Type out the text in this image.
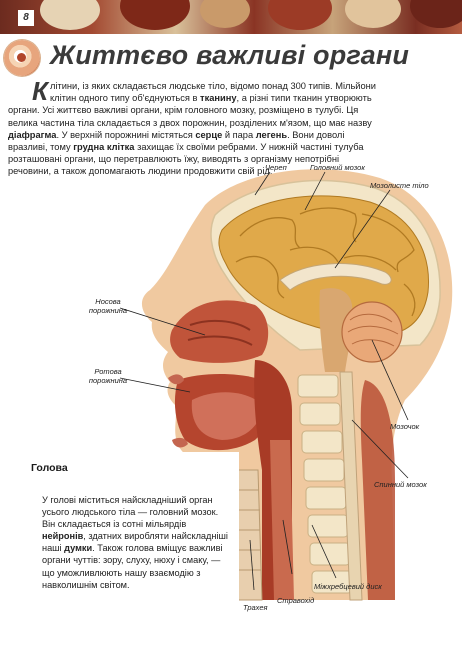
8
Життєво важливі органи

Клітини, із яких складається людське тіло, відомо понад 300 типів. Мільйони клітин одного типу об'єднуються в тканину, а різні типи тканин утворюють органи. Усі життєво важливі органи, крім головного мозку, розміщено в тулубі. Ця велика частина тіла складається з двох порожнин, розділених м'язом, що має назву діафрагма. У верхній порожнині містяться серце й пара легень. Вони доволі вразливі, тому грудна клітка захищає їх своїми ребрами. У нижній частині тулуба розташовані органи, що перетравлюють їжу, виводять з організму непотрібні речовини, а також допомагають людини продовжити свій рід.

Череп	Головний мозок
Мозолисте тіло
Носова порожнина
Ротова порожнина
Мозочок
Спинний мозок
Трахея
Стравохід
Міжхребцевий диск
Голова

У голові міститься найскладніший орган усього людського тіла — головний мозок. Він складається із сотні мільярдів нейронів, здатних виробляти найскладніші наші думки. Також голова вміщує важливі органи чуттів: зору, слуху, нюху і смаку, — що уможливлюють нашу взаємодію з навколишнім світом.
